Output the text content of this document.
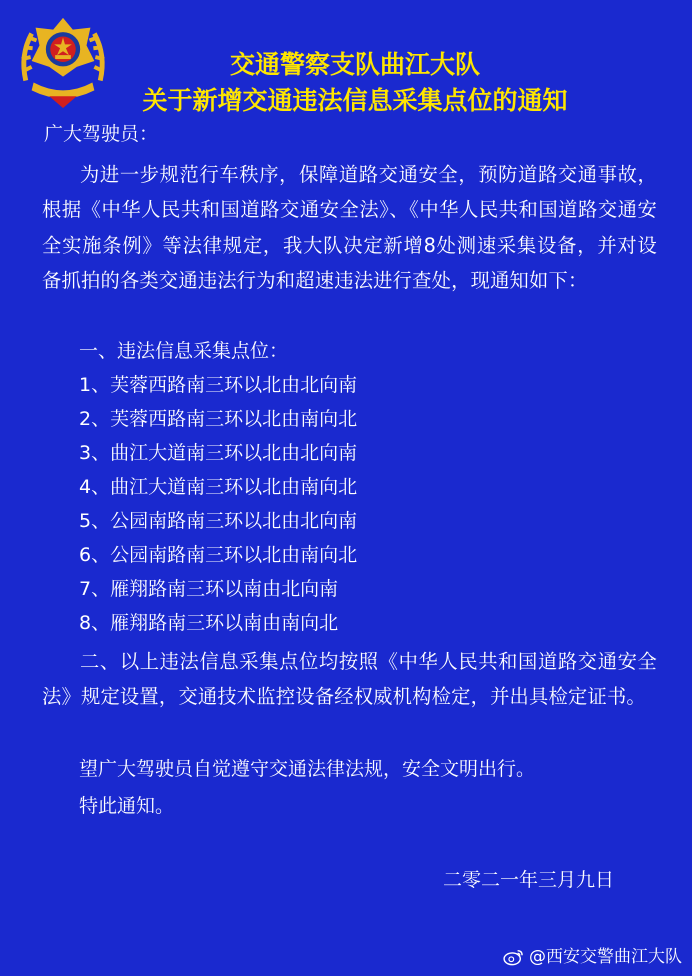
交通警察支队曲江大队
关于新增交通违法信息采集点位的通知
广大驾驶员：
为进一步规范行车秩序，保障道路交通安全，预防道路交通事故，根据《中华人民共和国道路交通安全法》、《中华人民共和国道路交通安全实施条例》等法律规定，我大队决定新增8处测速采集设备，并对设备抓拍的各类交通违法行为和超速违法进行查处，现通知如下：
一、违法信息采集点位：
1、芙蓉西路南三环以北由北向南
2、芙蓉西路南三环以北由南向北
3、曲江大道南三环以北由北向南
4、曲江大道南三环以北由南向北
5、公园南路南三环以北由北向南
6、公园南路南三环以北由南向北
7、雁翔路南三环以南由北向南
8、雁翔路南三环以南由南向北
二、以上违法信息采集点位均按照《中华人民共和国道路交通安全法》规定设置，交通技术监控设备经权威机构检定，并出具检定证书。
望广大驾驶员自觉遵守交通法律法规，安全文明出行。
特此通知。
二零二一年三月九日
@西安交警曲江大队
